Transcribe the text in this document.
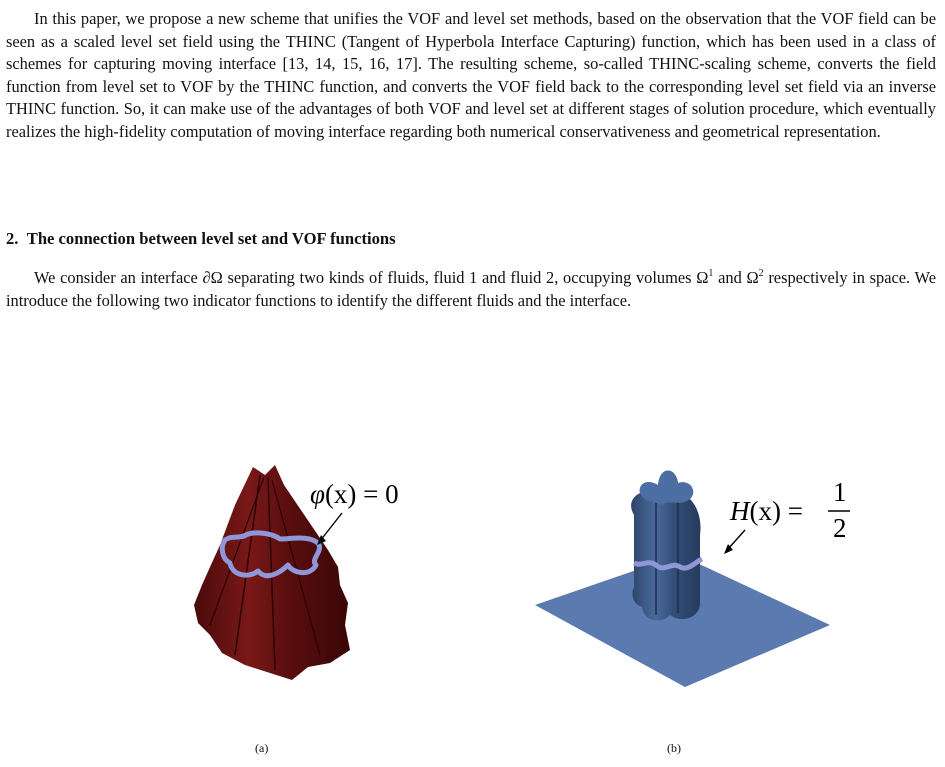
In this paper, we propose a new scheme that unifies the VOF and level set methods, based on the observation that the VOF field can be seen as a scaled level set field using the THINC (Tangent of Hyperbola Interface Capturing) function, which has been used in a class of schemes for capturing moving interface [13, 14, 15, 16, 17]. The resulting scheme, so-called THINC-scaling scheme, converts the field function from level set to VOF by the THINC function, and converts the VOF field back to the corresponding level set field via an inverse THINC function. So, it can make use of the advantages of both VOF and level set at different stages of solution procedure, which eventually realizes the high-fidelity computation of moving interface regarding both numerical conservativeness and geometrical representation.

2. The connection between level set and VOF functions

We consider an interface ∂Ω separating two kinds of fluids, fluid 1 and fluid 2, occupying volumes $\Omega^1$ and $\Omega^2$ respectively in space. We introduce the following two indicator functions to identify the different fluids and the interface.

φ(x) = 0
H(x) =
1
2
(a)	(b)
